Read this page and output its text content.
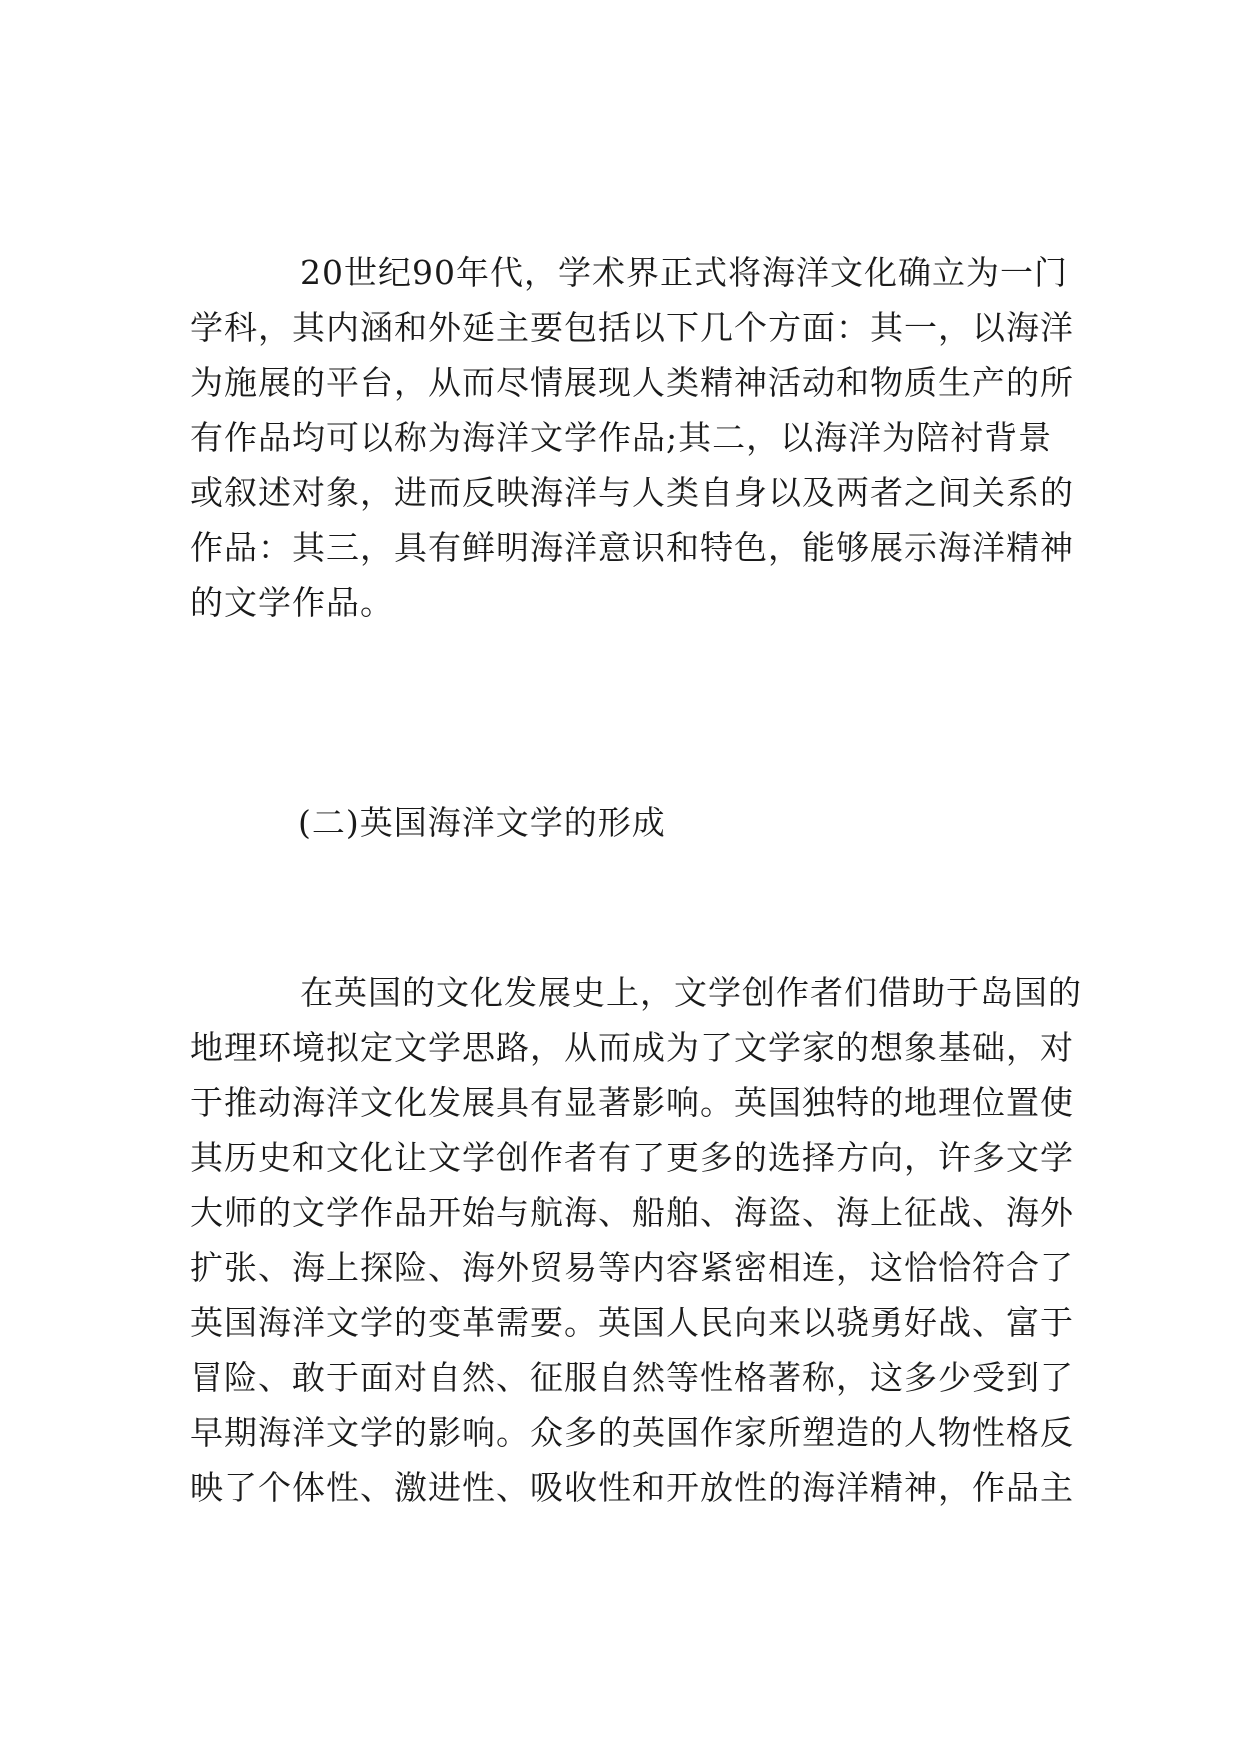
20世纪90年代，学术界正式将海洋文化确立为一门
学科，其内涵和外延主要包括以下几个方面：其一，以海洋
为施展的平台，从而尽情展现人类精神活动和物质生产的所
有作品均可以称为海洋文学作品;其二，以海洋为陪衬背景
或叙述对象，进而反映海洋与人类自身以及两者之间关系的
作品：其三，具有鲜明海洋意识和特色，能够展示海洋精神
的文学作品。
(二)英国海洋文学的形成
在英国的文化发展史上，文学创作者们借助于岛国的
地理环境拟定文学思路，从而成为了文学家的想象基础，对
于推动海洋文化发展具有显著影响。英国独特的地理位置使
其历史和文化让文学创作者有了更多的选择方向，许多文学
大师的文学作品开始与航海、船舶、海盗、海上征战、海外
扩张、海上探险、海外贸易等内容紧密相连，这恰恰符合了
英国海洋文学的变革需要。英国人民向来以骁勇好战、富于
冒险、敢于面对自然、征服自然等性格著称，这多少受到了
早期海洋文学的影响。众多的英国作家所塑造的人物性格反
映了个体性、激进性、吸收性和开放性的海洋精神，作品主
